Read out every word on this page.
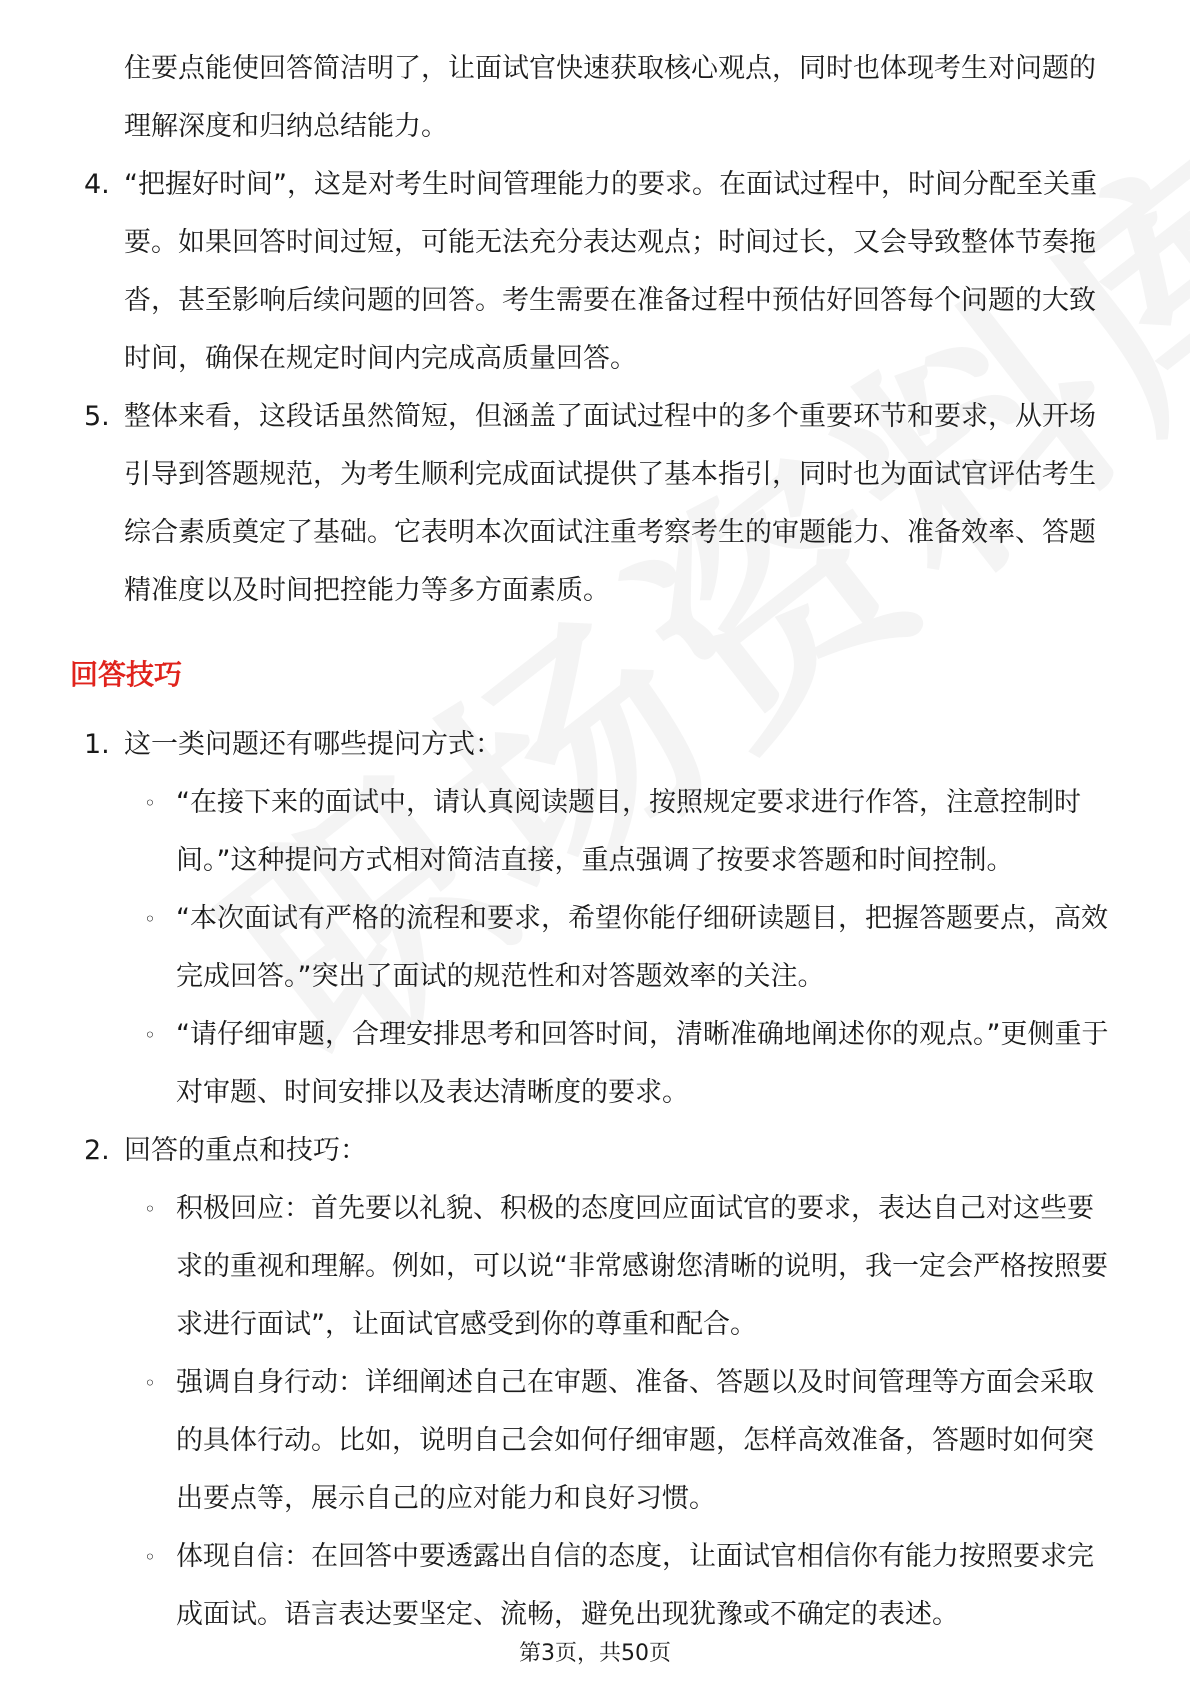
住要点能使回答简洁明了，让面试官快速获取核心观点，同时也体现考生对问题的理解深度和归纳总结能力。

4. “把握好时间”，这是对考生时间管理能力的要求。在面试过程中，时间分配至关重要。如果回答时间过短，可能无法充分表达观点；时间过长，又会导致整体节奏拖沓，甚至影响后续问题的回答。考生需要在准备过程中预估好回答每个问题的大致时间，确保在规定时间内完成高质量回答。
5. 整体来看，这段话虽然简短，但涵盖了面试过程中的多个重要环节和要求，从开场引导到答题规范，为考生顺利完成面试提供了基本指引，同时也为面试官评估考生综合素质奠定了基础。它表明本次面试注重考察考生的审题能力、准备效率、答题精准度以及时间把控能力等多方面素质。
回答技巧
1. 这一类问题还有哪些提问方式：
◦ “在接下来的面试中，请认真阅读题目，按照规定要求进行作答，注意控制时间。”这种提问方式相对简洁直接，重点强调了按要求答题和时间控制。
◦ “本次面试有严格的流程和要求，希望你能仔细研读题目，把握答题要点，高效完成回答。”突出了面试的规范性和对答题效率的关注。
◦ “请仔细审题，合理安排思考和回答时间，清晰准确地阐述你的观点。”更侧重于对审题、时间安排以及表达清晰度的要求。
2. 回答的重点和技巧：
◦ 积极回应：首先要以礼貌、积极的态度回应面试官的要求，表达自己对这些要求的重视和理解。例如，可以说“非常感谢您清晰的说明，我一定会严格按照要求进行面试”，让面试官感受到你的尊重和配合。
◦ 强调自身行动：详细阐述自己在审题、准备、答题以及时间管理等方面会采取的具体行动。比如，说明自己会如何仔细审题，怎样高效准备，答题时如何突出要点等，展示自己的应对能力和良好习惯。
◦ 体现自信：在回答中要透露出自信的态度，让面试官相信你有能力按照要求完成面试。语言表达要坚定、流畅，避免出现犹豫或不确定的表述。
第3页，共50页
